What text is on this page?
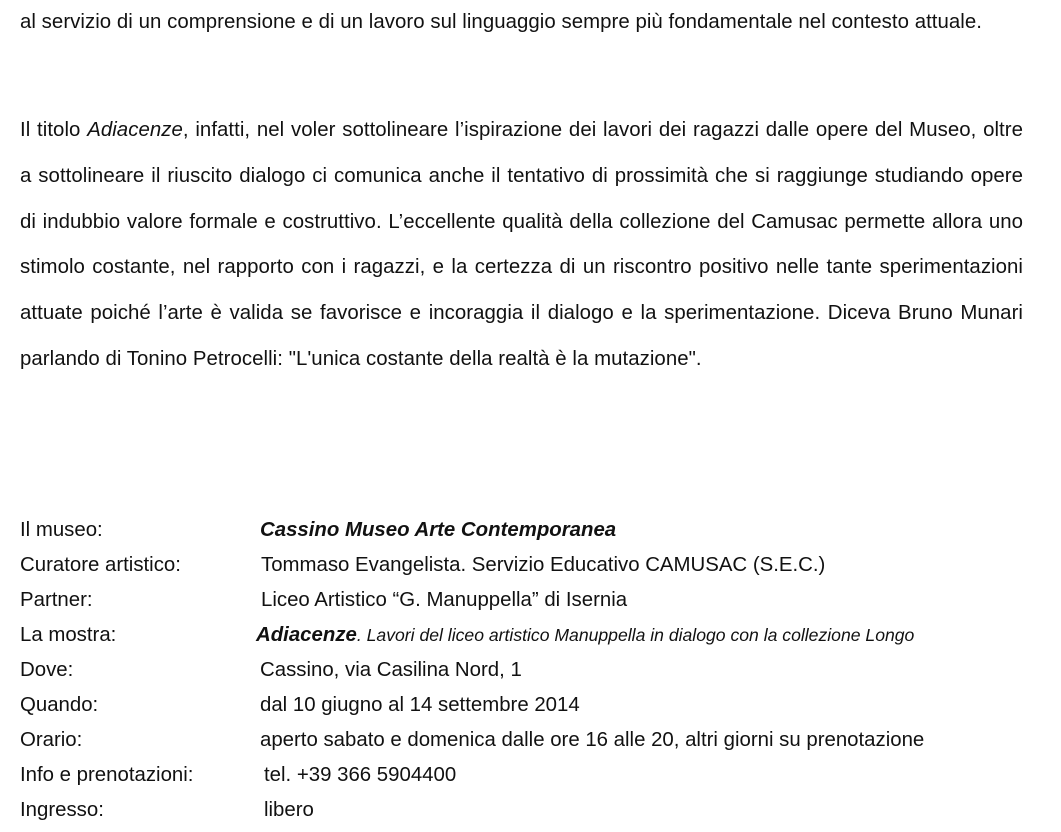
al servizio di un comprensione e di un lavoro sul linguaggio sempre più fondamentale nel contesto attuale.

Il titolo Adiacenze, infatti, nel voler sottolineare l’ispirazione dei lavori dei ragazzi dalle opere del Museo, oltre a sottolineare il riuscito dialogo ci comunica anche il tentativo di prossimità che si raggiunge studiando opere di indubbio valore formale e costruttivo. L’eccellente qualità della collezione del Camusac permette allora uno stimolo costante, nel rapporto con i ragazzi, e la certezza di un riscontro positivo nelle tante sperimentazioni attuate poiché l’arte è valida se favorisce e incoraggia il dialogo e la sperimentazione. Diceva Bruno Munari parlando di Tonino Petrocelli: "L'unica costante della realtà è la mutazione".

Il museo:	Cassino Museo Arte Contemporanea
Curatore artistico:	Tommaso Evangelista. Servizio Educativo CAMUSAC (S.E.C.)
Partner:	Liceo Artistico “G. Manuppella” di Isernia
La mostra:	Adiacenze. Lavori del liceo artistico Manuppella in dialogo con la collezione Longo
Dove:	Cassino, via Casilina Nord, 1
Quando:	dal 10 giugno al 14 settembre 2014
Orario:	aperto sabato e domenica dalle ore 16 alle 20, altri giorni su prenotazione
Info e prenotazioni:	tel. +39 366 5904400
Ingresso:	libero
